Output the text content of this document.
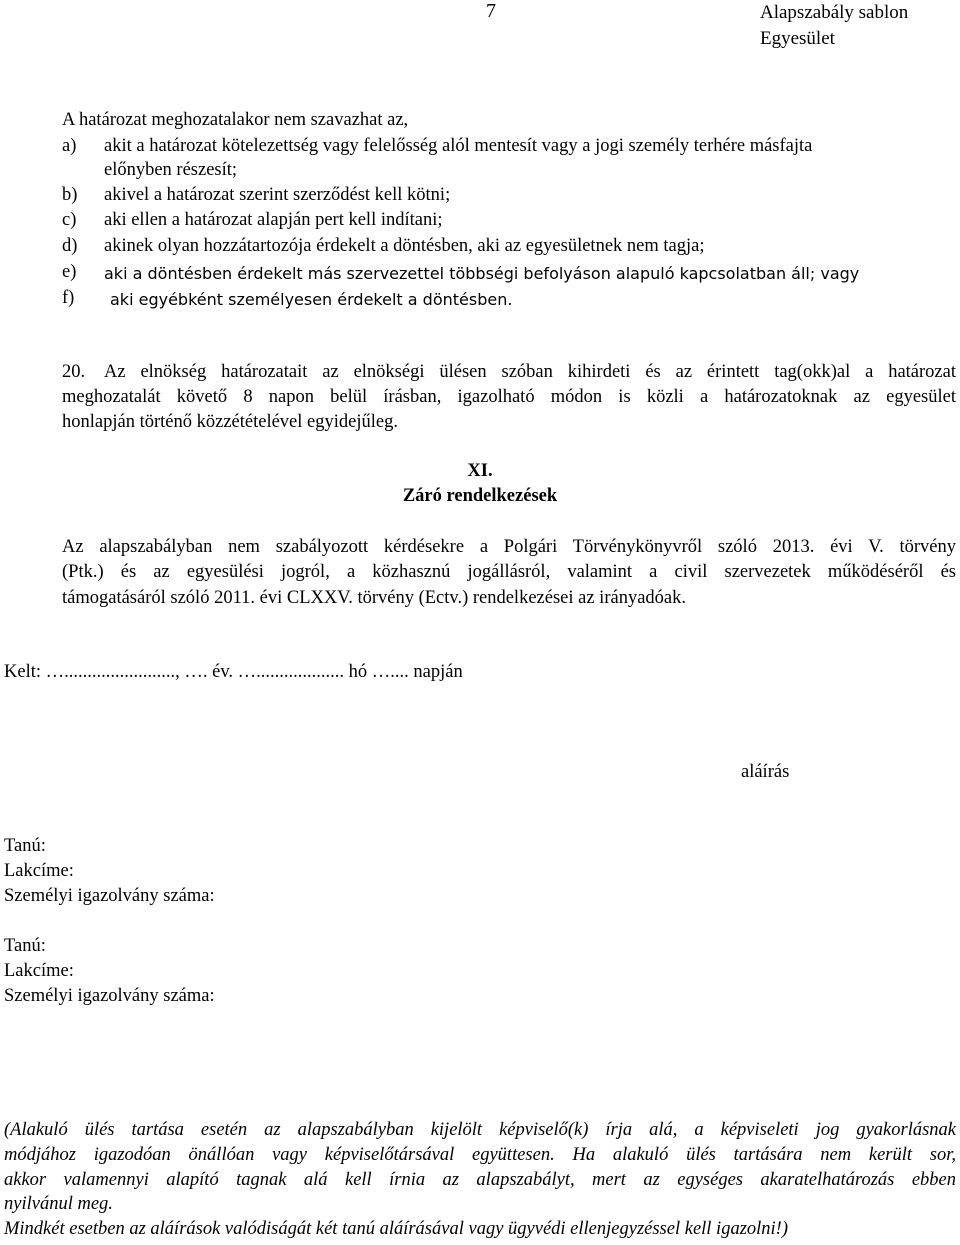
7	Alapszabály sablon
Egyesület
A határozat meghozatalakor nem szavazhat az,
a) akit a határozat kötelezettség vagy felelősség alól mentesít vagy a jogi személy terhére másfajta
előnyben részesít;
b) akivel a határozat szerint szerződést kell kötni;
c) aki ellen a határozat alapján pert kell indítani;
d) akinek olyan hozzátartozója érdekelt a döntésben, aki az egyesületnek nem tagja;
e) aki a döntésben érdekelt más szervezettel többségi befolyáson alapuló kapcsolatban áll; vagy
f) aki egyébként személyesen érdekelt a döntésben.
20. Az elnökség határozatait az elnökségi ülésen szóban kihirdeti és az érintett tag(okk)al a határozat
meghozatalát követő 8 napon belül írásban, igazolható módon is közli a határozatoknak az egyesület
honlapján történő közzétételével egyidejűleg.
XI.
Záró rendelkezések
Az alapszabályban nem szabályozott kérdésekre a Polgári Törvénykönyvről szóló 2013. évi V. törvény
(Ptk.) és az egyesülési jogról, a közhasznú jogállásról, valamint a civil szervezetek működéséről és
támogatásáról szóló 2011. évi CLXXV. törvény (Ectv.) rendelkezései az irányadóak.
Kelt: …........................, …. év. …................... hó ….... napján
aláírás
Tanú:
Lakcíme:
Személyi igazolvány száma:
Tanú:
Lakcíme:
Személyi igazolvány száma:
(Alakuló ülés tartása esetén az alapszabályban kijelölt képviselő(k) írja alá, a képviseleti jog gyakorlásnak
módjához igazodóan önállóan vagy képviselőtársával együttesen. Ha alakuló ülés tartására nem került sor,
akkor valamennyi alapító tagnak alá kell írnia az alapszabályt, mert az egységes akaratelhatározás ebben
nyilvánul meg.
Mindkét esetben az aláírások valódiságát két tanú aláírásával vagy ügyvédi ellenjegyzéssel kell igazolni!)
